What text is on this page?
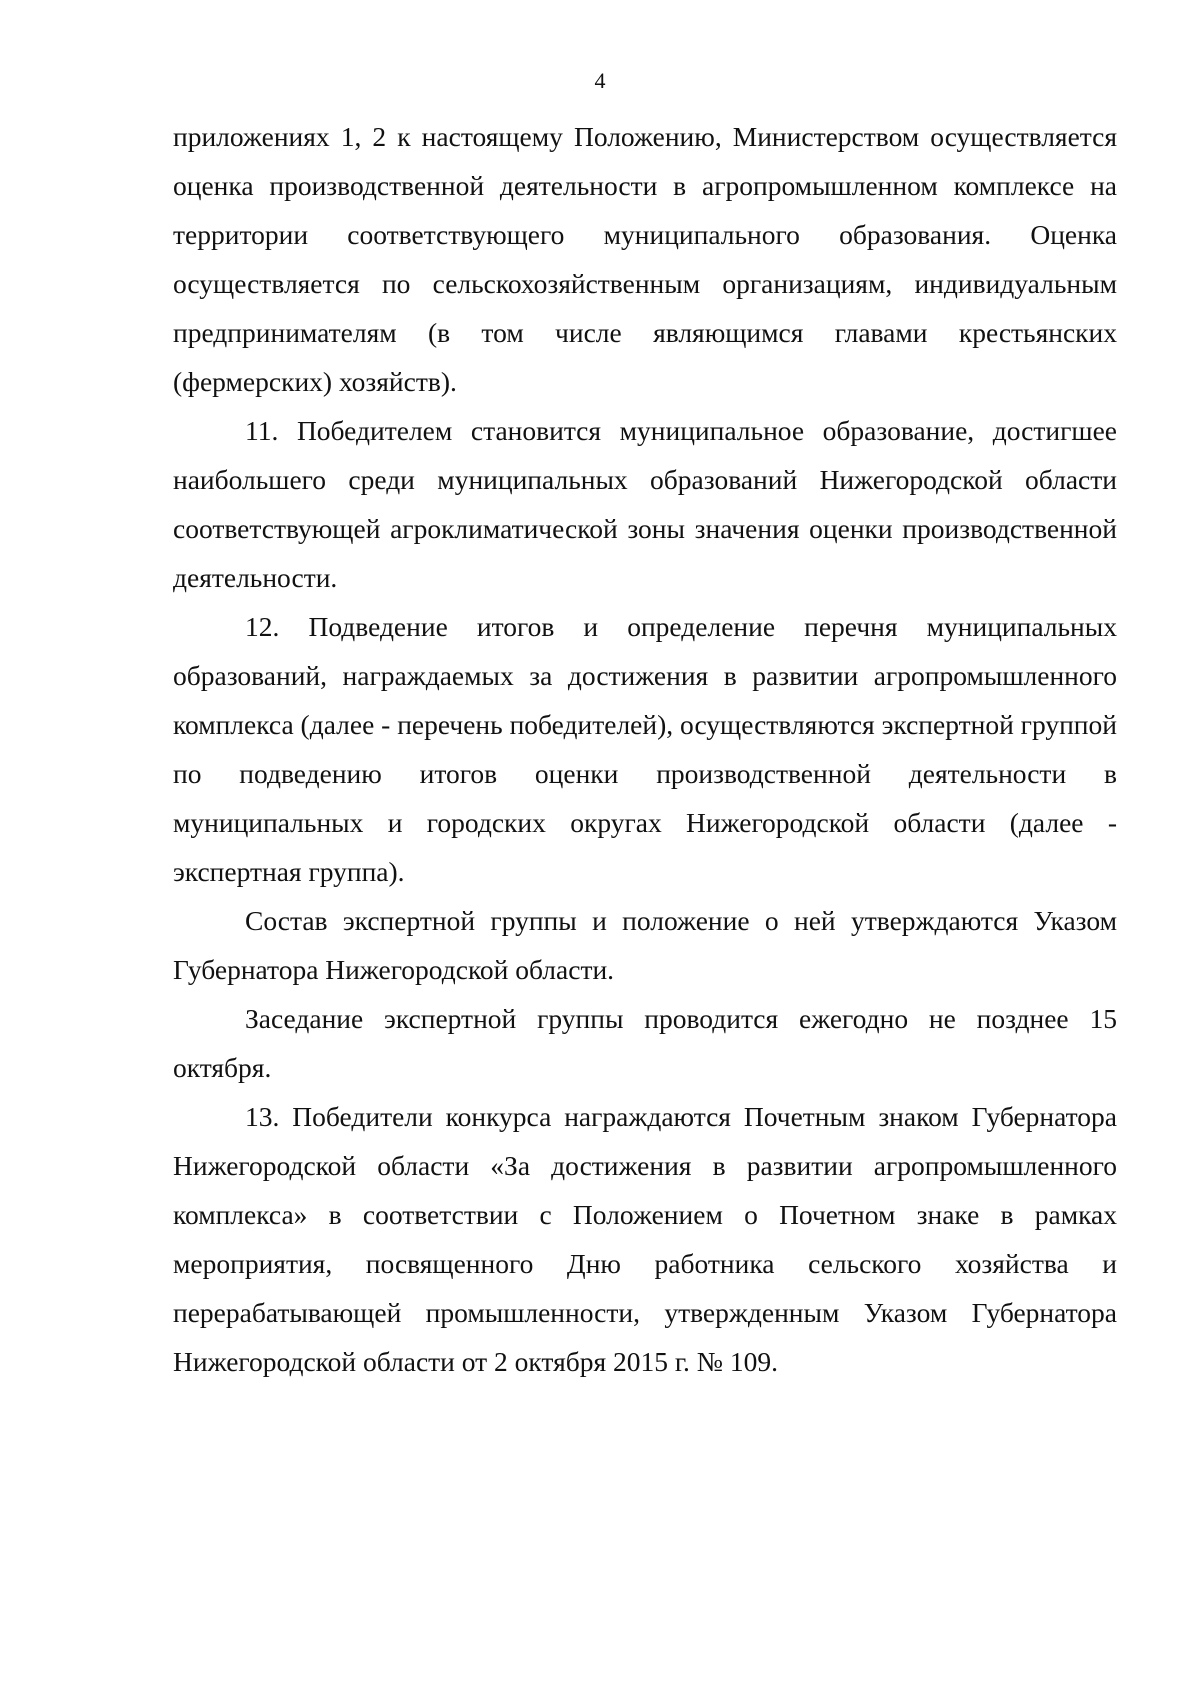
4

приложениях 1, 2 к настоящему Положению, Министерством осуществляется оценка производственной деятельности в агропромышленном комплексе на территории соответствующего муниципального образования. Оценка осуществляется по сельскохозяйственным организациям, индивидуальным предпринимателям (в том числе являющимся главами крестьянских (фермерских) хозяйств).

11. Победителем становится муниципальное образование, достигшее наибольшего среди муниципальных образований Нижегородской области соответствующей агроклиматической зоны значения оценки производственной деятельности.

12. Подведение итогов и определение перечня муниципальных образований, награждаемых за достижения в развитии агропромышленного комплекса (далее - перечень победителей), осуществляются экспертной группой по подведению итогов оценки производственной деятельности в муниципальных и городских округах Нижегородской области (далее - экспертная группа).

Состав экспертной группы и положение о ней утверждаются Указом Губернатора Нижегородской области.

Заседание экспертной группы проводится ежегодно не позднее 15 октября.

13. Победители конкурса награждаются Почетным знаком Губернатора Нижегородской области «За достижения в развитии агропромышленного комплекса» в соответствии с Положением о Почетном знаке в рамках мероприятия, посвященного Дню работника сельского хозяйства и перерабатывающей промышленности, утвержденным Указом Губернатора Нижегородской области от 2 октября 2015 г. № 109.
